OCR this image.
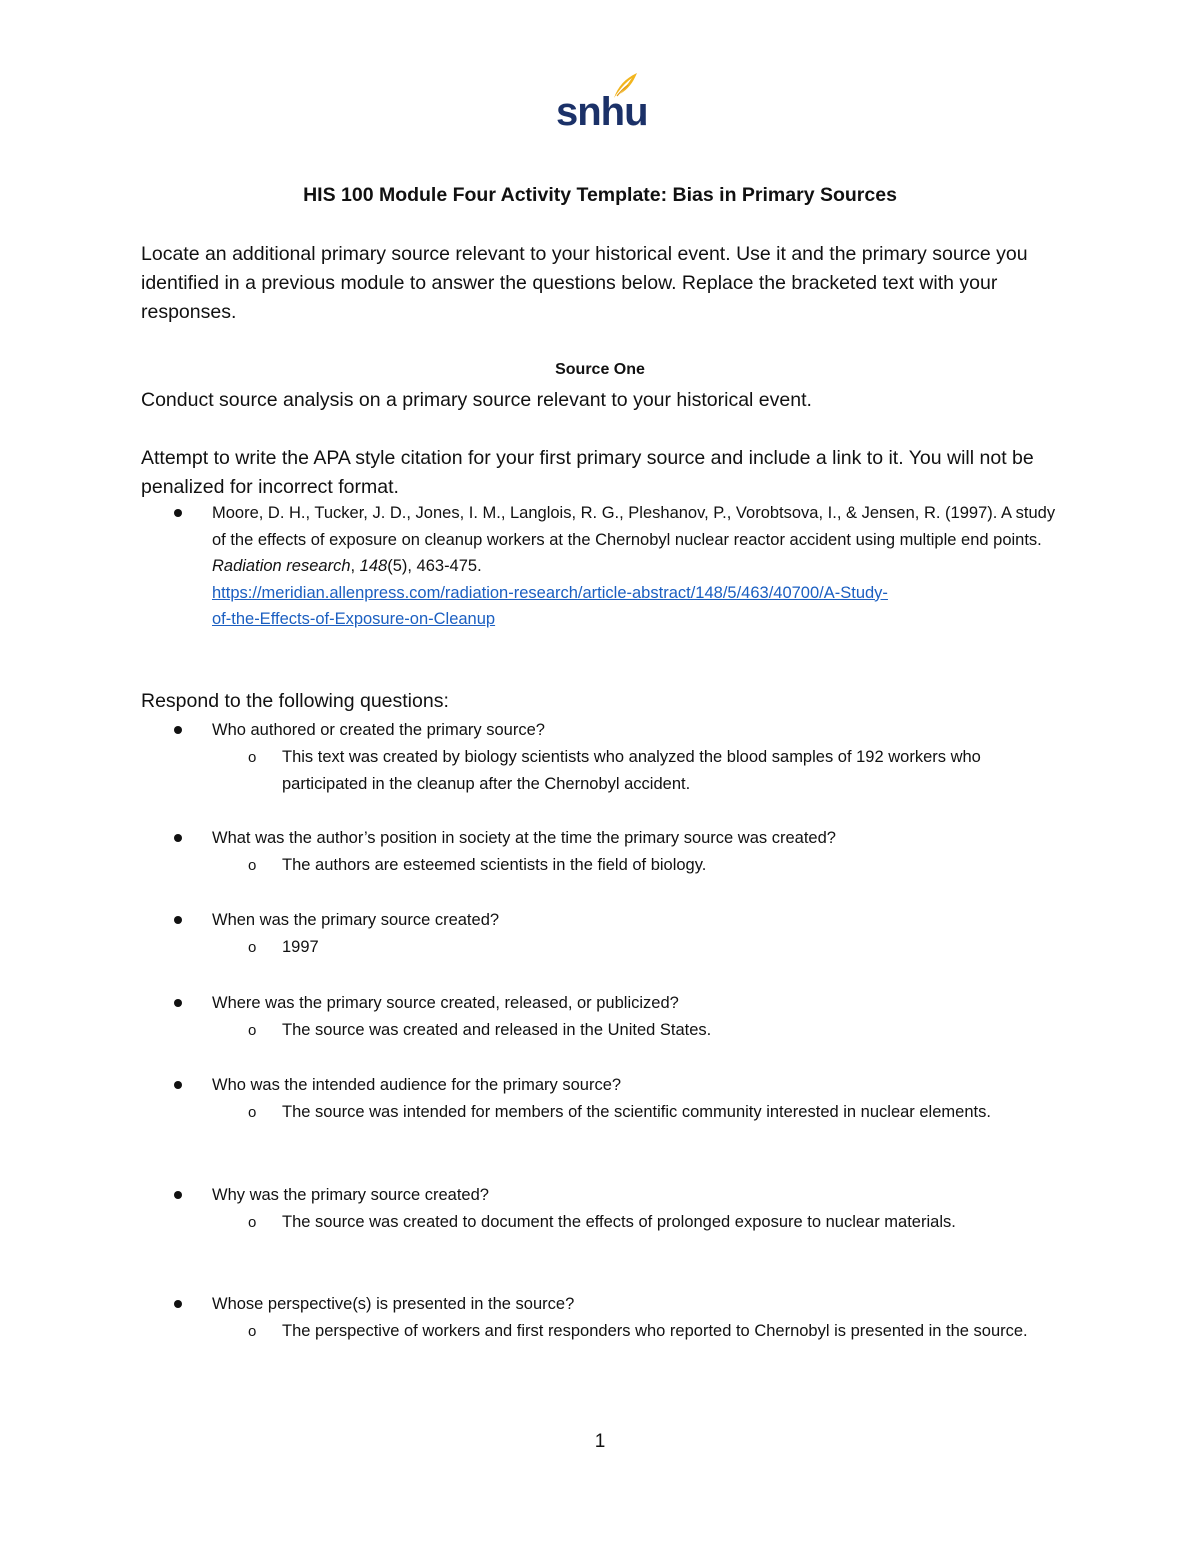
snhu
HIS 100 Module Four Activity Template: Bias in Primary Sources
Locate an additional primary source relevant to your historical event. Use it and the primary source you identified in a previous module to answer the questions below. Replace the bracketed text with your responses.
Source One
Conduct source analysis on a primary source relevant to your historical event.
Attempt to write the APA style citation for your first primary source and include a link to it. You will not be penalized for incorrect format.
Moore, D. H., Tucker, J. D., Jones, I. M., Langlois, R. G., Pleshanov, P., Vorobtsova, I., & Jensen, R. (1997). A study of the effects of exposure on cleanup workers at the Chernobyl nuclear reactor accident using multiple end points. Radiation research, 148(5), 463-475.
https://meridian.allenpress.com/radiation-research/article-abstract/148/5/463/40700/A-Study-
of-the-Effects-of-Exposure-on-Cleanup
Respond to the following questions:
Who authored or created the primary source?
o This text was created by biology scientists who analyzed the blood samples of 192 workers who participated in the cleanup after the Chernobyl accident.
What was the author’s position in society at the time the primary source was created?
o The authors are esteemed scientists in the field of biology.
When was the primary source created?
o 1997
Where was the primary source created, released, or publicized?
o The source was created and released in the United States.
Who was the intended audience for the primary source?
o The source was intended for members of the scientific community interested in nuclear elements.
Why was the primary source created?
o The source was created to document the effects of prolonged exposure to nuclear materials.
Whose perspective(s) is presented in the source?
o The perspective of workers and first responders who reported to Chernobyl is presented in the source.
1
